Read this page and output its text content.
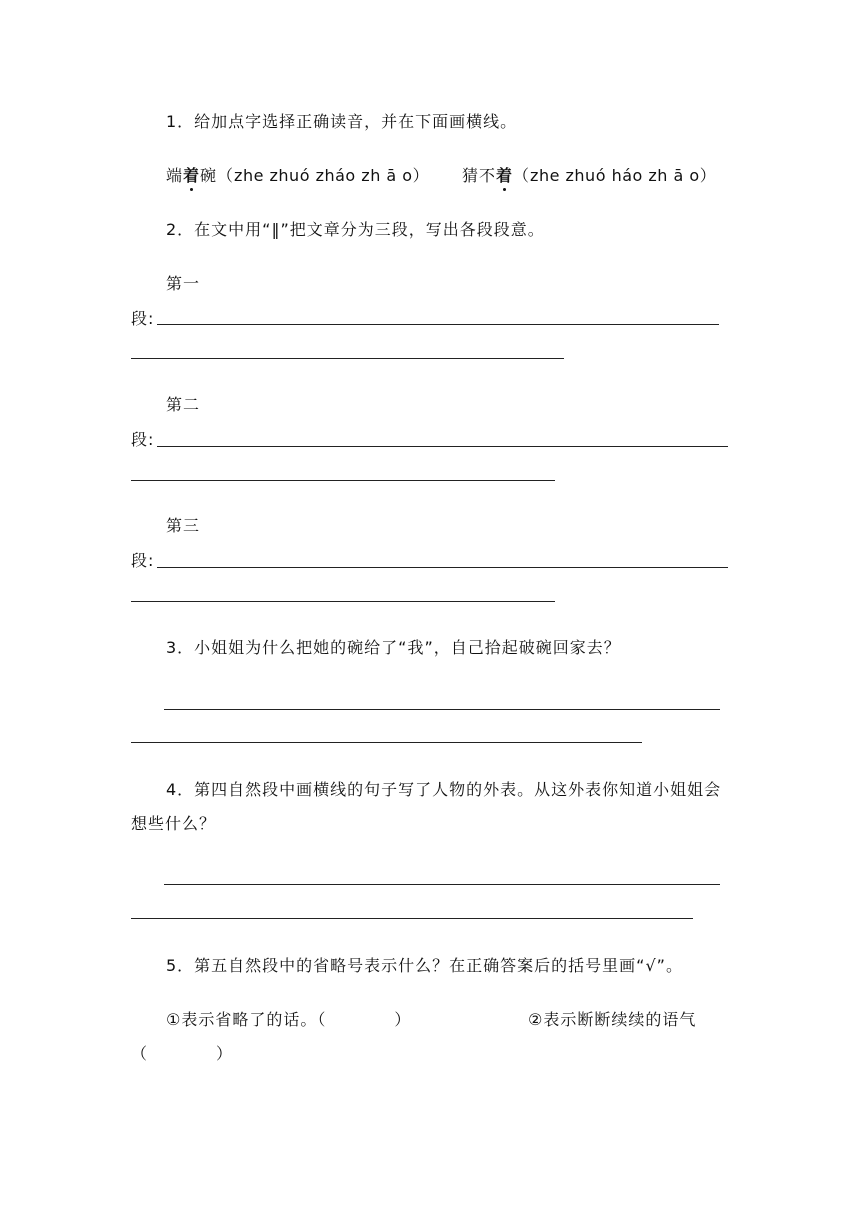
1．给加点字选择正确读音，并在下面画横线。
端着碗（zhe zhuó zháo zh ā o） 猜不着（zhe zhuó háo zh ā o）
2．在文中用“‖”把文章分为三段，写出各段段意。
第一
段:
第二
段:
第三
段:
3．小姐姐为什么把她的碗给了“我”，自己拾起破碗回家去？
4．第四自然段中画横线的句子写了人物的外表。从这外表你知道小姐姐会
想些什么？
5．第五自然段中的省略号表示什么？在正确答案后的括号里画“√”。
①表示省略了的话。（　　　　）	②表示断断续续的语气
（　　　　）
